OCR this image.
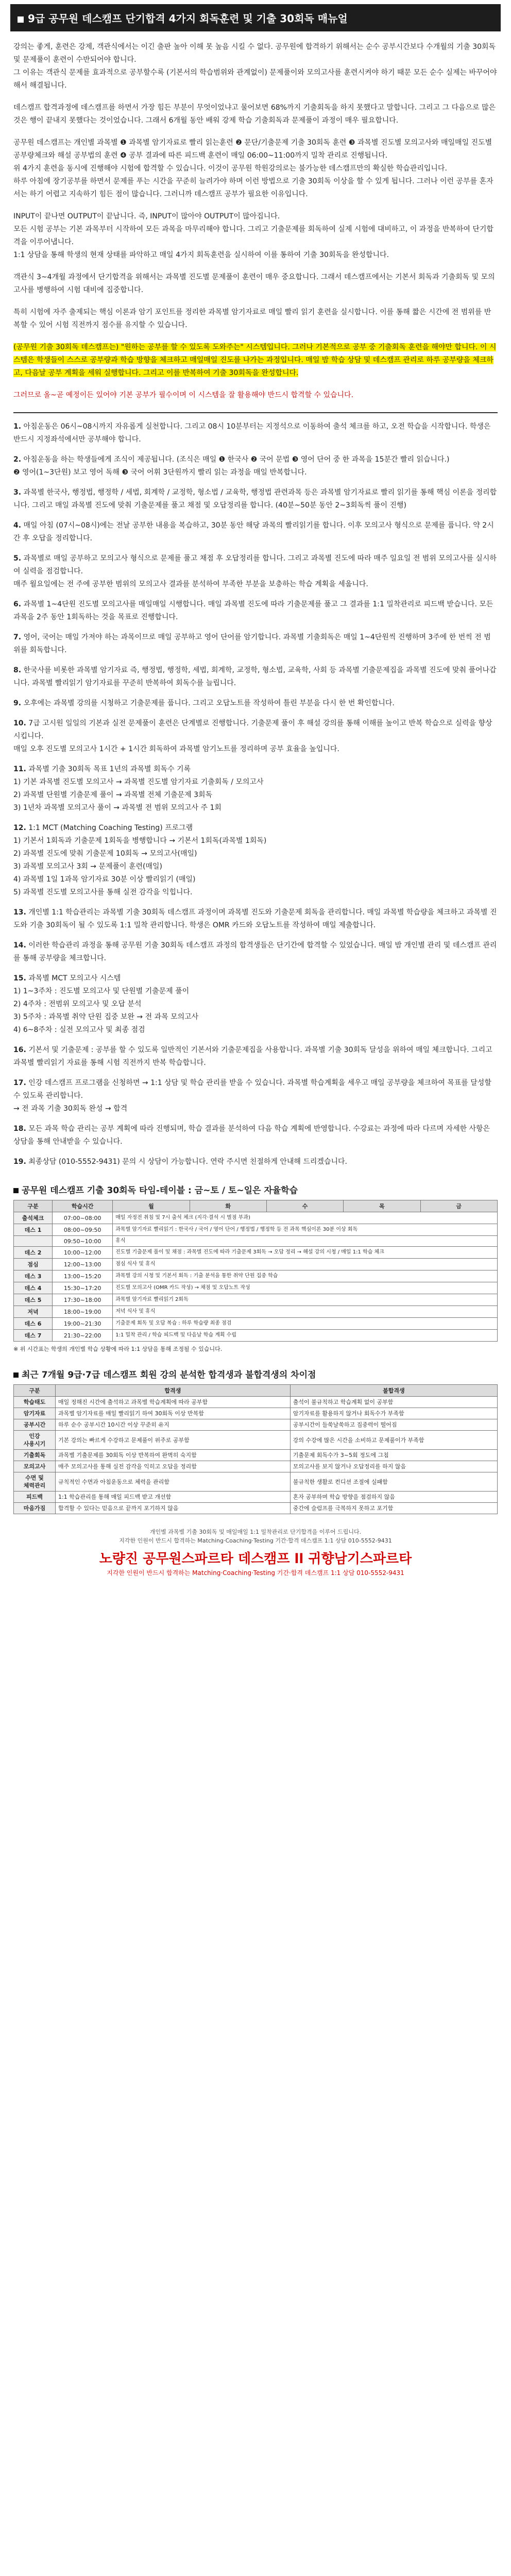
9급 공무원 데스캠프 단기합격 4가지 회독훈련 및 기출 30회독 매뉴얼
강의는 좋게, 훈련은 강제, 객관식에서는 이긴 출판 높아 이해 못 높음 시킬 수 없다. 공무원에 합격하기 위해서는 순수 공부시간보다 수개월의 기출 30회독 및 문제풀이 훈련이 수반되어야 합니다.
그 이유는 객관식 문제를 효과적으로 공부할수록 (기본서의 학습범위와 관계없이) 문제풀이와 모의고사를 훈련시켜야 하기 때문 모든 순수 실제는 바꾸어야 해서 해결됩니다.
데스캠프 합격과정에 데스캠프를 하면서 가장 힘든 부분이 무엇이었냐고 물어보면 68%까지 기출회독을 하지 못했다고 말합니다. 그리고 그 다음으로 많은 것은 행이 끝내지 못했다는 것이었습니다. 그래서 6개월 동안 배워 강제 학습 기출회독과 문제풀이 과정이 매우 필요합니다.
공무원 데스캠프는 개인별 과목별 ❶ 과목별 암기자료로 빨리 읽는훈련 ❷ 문단/기출문제 기출 30회독 훈련 ❸ 과목별 진도별 모의고사와 매일매일 진도별 공부량체크와 해설 공부법의 훈련 ❹ 공부 결과에 따른 피드백 훈련이 매일 06:00~11:00까지 밀착 관리로 진행됩니다.
위 4가지 훈련을 동시에 진행해야 시험에 합격할 수 있습니다. 이것이 공무원 학원강의로는 불가능한 데스캠프만의 확실한 학습관리입니다.
하루 아침에 장기공부를 하면서 문제를 푸는 시간을 꾸준히 늘려가야 하며 이런 방법으로 기출 30회독 이상을 할 수 있게 됩니다. 그러나 이런 공부를 혼자서는 하기 어렵고 지속하기 힘든 점이 많습니다. 그러니까 데스캠프 공부가 필요한 이유입니다.
INPUT이 끝나면 OUTPUT이 끝납니다. 즉, INPUT이 많아야 OUTPUT이 많아집니다.
모든 시험 공부는 기본 과목부터 시작하여 모든 과목을 마무리해야 합니다. 그리고 기출문제를 회독하여 실제 시험에 대비하고, 이 과정을 반복하여 단기합격을 이루어냅니다.
1:1 상담을 통해 학생의 현재 상태를 파악하고 매일 4가지 회독훈련을 실시하여 이를 통하여 기출 30회독을 완성합니다.
객관식 3~4개월 과정에서 단기합격을 위해서는 과목별 진도별 문제풀이 훈련이 매우 중요합니다. 그래서 데스캠프에서는 기본서 회독과 기출회독 및 모의고사를 병행하여 시험 대비에 집중합니다.
특히 시험에 자주 출제되는 핵심 이론과 암기 포인트를 정리한 과목별 암기자료로 매일 빨리 읽기 훈련을 실시합니다. 이를 통해 짧은 시간에 전 범위를 반복할 수 있어 시험 직전까지 점수를 유지할 수 있습니다.
(공무원 기출 30회독 데스캠프는) "원하는 공부를 할 수 있도록 도와주는" 시스템입니다. 그러나 기본적으로 공부 중 기출회독 훈련을 해야만 합니다. 이 시스템은 학생들이 스스로 공부량과 학습 방향을 체크하고 매일매일 진도를 나가는 과정입니다. 매일 밤 학습 상담 및 데스캠프 관리로 하루 공부량을 체크하고, 다음날 공부 계획을 세워 실행합니다. 그리고 이를 반복하여 기출 30회독을 완성합니다.
그러므로 올~곧 예정이든 있어야 기본 공부가 필수이며 이 시스템을 잘 활용해야 반드시 합격할 수 있습니다.
1. 아침운동은 06시~08시까지 자유롭게 실천합니다. 그리고 08시 10분부터는 지정석으로 이동하여 출석 체크를 하고, 오전 학습을 시작합니다. 학생은 반드시 지정좌석에서만 공부해야 합니다.
2. 아침운동을 하는 학생들에게 조식이 제공됩니다. (조식은 매일 ❶ 한국사 ❷ 국어 문법 ❸ 영어 단어 중 한 과목을 15분간 빨리 읽습니다.)
❷ 영어(1~3단원) 보고 영어 독해 ❸ 국어 어휘 3단원까지 빨리 읽는 과정을 매일 반복합니다.
3. 과목별 한국사, 행정법, 행정학 / 세법, 회계학 / 교정학, 형소법 / 교육학, 행정법 관련과목 등은 과목별 암기자료로 빨리 읽기를 통해 핵심 이론을 정리합니다. 그리고 매일 과목별 진도에 맞춰 기출문제를 풀고 채점 및 오답정리를 합니다. (40분~50분 동안 2~3회독씩 풀이 진행)
4. 매일 아침 (07시~08시)에는 전날 공부한 내용을 복습하고, 30분 동안 해당 과목의 빨리읽기를 합니다. 이후 모의고사 형식으로 문제를 풉니다. 약 2시간 후 오답을 정리합니다.
5. 과목별로 매일 공부하고 모의고사 형식으로 문제를 풀고 채점 후 오답정리를 합니다. 그리고 과목별 진도에 따라 매주 일요일 전 범위 모의고사를 실시하여 실력을 점검합니다.
매주 월요일에는 전 주에 공부한 범위의 모의고사 결과를 분석하여 부족한 부분을 보충하는 학습 계획을 세웁니다.
6. 과목별 1~4단원 진도별 모의고사를 매일매일 시행합니다. 매일 과목별 진도에 따라 기출문제를 풀고 그 결과를 1:1 밀착관리로 피드백 받습니다. 모든 과목을 2주 동안 1회독하는 것을 목표로 진행합니다.
7. 영어, 국어는 매일 가져야 하는 과목이므로 매일 공부하고 영어 단어를 암기합니다. 과목별 기출회독은 매일 1~4단원씩 진행하며 3주에 한 번씩 전 범위를 회독합니다.
8. 한국사를 비롯한 과목별 암기자료 즉, 행정법, 행정학, 세법, 회계학, 교정학, 형소법, 교육학, 사회 등 과목별 기출문제집을 과목별 진도에 맞춰 풀어나갑니다. 과목별 빨리읽기 암기자료를 꾸준히 반복하여 회독수를 늘립니다.
9. 오후에는 과목별 강의를 시청하고 기출문제를 풉니다. 그리고 오답노트를 작성하여 틀린 부분을 다시 한 번 확인합니다.
10. 7급 고시원 일일의 기본과 실전 문제풀이 훈련은 단계별로 진행합니다. 기출문제 풀이 후 해설 강의를 통해 이해를 높이고 반복 학습으로 실력을 향상시킵니다.
매일 오후 진도별 모의고사 1시간 + 1시간 회독하여 과목별 암기노트를 정리하며 공부 효율을 높입니다.
11. 과목별 기출 30회독 목표 1년의 과목별 회독수 기록
1) 기본 과목별 진도별 모의고사 → 과목별 진도별 암기자료 기출회독 / 모의고사
2) 과목별 단원별 기출문제 풀이 → 과목별 전체 기출문제 3회독
3) 1년차 과목별 모의고사 풀이 → 과목별 전 범위 모의고사 주 1회
12. 1:1 MCT (Matching Coaching Testing) 프로그램
1) 기본서 1회독과 기출문제 1회독을 병행합니다 → 기본서 1회독(과목별 1회독)
2) 과목별 진도에 맞춰 기출문제 10회독 → 모의고사(매일)
3) 과목별 모의고사 3회 → 문제풀이 훈련(매일)
4) 과목별 1일 1과목 암기자료 30분 이상 빨리읽기 (매일)
5) 과목별 진도별 모의고사를 통해 실전 감각을 익힙니다.
13. 개인별 1:1 학습관리는 과목별 기출 30회독 데스캠프 과정이며 과목별 진도와 기출문제 회독을 관리합니다. 매일 과목별 학습량을 체크하고 과목별 진도와 기출 30회독이 될 수 있도록 1:1 밀착 관리합니다. 학생은 OMR 카드와 오답노트를 작성하여 매일 제출합니다.
14. 이러한 학습관리 과정을 통해 공무원 기출 30회독 데스캠프 과정의 합격생들은 단기간에 합격할 수 있었습니다. 매일 밤 개인별 관리 및 데스캠프 관리를 통해 공부량을 체크합니다.
15. 과목별 MCT 모의고사 시스템
1) 1~3주차 : 진도별 모의고사 및 단원별 기출문제 풀이
2) 4주차 : 전범위 모의고사 및 오답 분석
3) 5주차 : 과목별 취약 단원 집중 보완 → 전 과목 모의고사
4) 6~8주차 : 실전 모의고사 및 최종 점검
16. 기본서 및 기출문제 : 공부를 할 수 있도록 일반적인 기본서와 기출문제집을 사용합니다. 과목별 기출 30회독 달성을 위하여 매일 체크합니다. 그리고 과목별 빨리읽기 자료를 통해 시험 직전까지 반복 학습합니다.
17. 인강 데스캠프 프로그램을 신청하면 → 1:1 상담 및 학습 관리를 받을 수 있습니다. 과목별 학습계획을 세우고 매일 공부량을 체크하여 목표를 달성할 수 있도록 관리합니다.
→ 전 과목 기출 30회독 완성 → 합격
18. 모든 과목 학습 관리는 공부 계획에 따라 진행되며, 학습 결과를 분석하여 다음 학습 계획에 반영합니다. 수강료는 과정에 따라 다르며 자세한 사항은 상담을 통해 안내받을 수 있습니다.
19. 최종상담 (010-5552-9431) 문의 시 상담이 가능합니다. 연락 주시면 친절하게 안내해 드리겠습니다.
공무원 데스캠프 기출 30회독 타임-테이블 : 금~토 / 토~일은 자율학습
구분	학습시간	월	화	수	목	금
출석체크	07:00~08:00	매일 자정전 취침 및 7시 출석 체크 (지각·결석 시 벌점 부과)				
데스 1	08:00~09:50	과목별 암기자료 빨리읽기 : 한국사 / 국어 / 영어 단어 / 행정법 / 행정학 등 전 과목 핵심이론 30분 이상 회독				
	09:50~10:00	휴식				
데스 2	10:00~12:00	진도별 기출문제 풀이 및 채점 : 과목별 진도에 따라 기출문제 3회독 → 오답 정리 → 해설 강의 시청 / 매일 1:1 학습 체크				
점심	12:00~13:00	점심 식사 및 휴식				
데스 3	13:00~15:20	과목별 강의 시청 및 기본서 회독 : 기출 분석을 통한 취약 단원 집중 학습				
데스 4	15:30~17:20	진도별 모의고사 (OMR 카드 작성) → 채점 및 오답노트 작성				
데스 5	17:30~18:00	과목별 암기자료 빨리읽기 2회독				
저녁	18:00~19:00	저녁 식사 및 휴식				
데스 6	19:00~21:30	기출문제 회독 및 오답 복습 : 하루 학습량 최종 점검				
데스 7	21:30~22:00	1:1 밀착 관리 / 학습 피드백 및 다음날 학습 계획 수립				
※ 위 시간표는 학생의 개인별 학습 상황에 따라 1:1 상담을 통해 조정될 수 있습니다.
최근 7개월 9급·7급 데스캠프 회원 강의 분석한 합격생과 불합격생의 차이점
구분	합격생	불합격생
학습태도	매일 정해진 시간에 출석하고 과목별 학습계획에 따라 공부함	출석이 불규칙하고 학습계획 없이 공부함
암기자료	과목별 암기자료를 매일 빨리읽기 하여 30회독 이상 반복함	암기자료를 활용하지 않거나 회독수가 부족함
공부시간	하루 순수 공부시간 10시간 이상 꾸준히 유지	공부시간이 들쑥날쑥하고 집중력이 떨어짐
인강
사용시기	기본 강의는 빠르게 수강하고 문제풀이 위주로 공부함	강의 수강에 많은 시간을 소비하고 문제풀이가 부족함
기출회독	과목별 기출문제를 30회독 이상 반복하여 완벽히 숙지함	기출문제 회독수가 3~5회 정도에 그침
모의고사	매주 모의고사를 통해 실전 감각을 익히고 오답을 정리함	모의고사를 보지 않거나 오답정리를 하지 않음
수면 및
체력관리	규칙적인 수면과 아침운동으로 체력을 관리함	불규칙한 생활로 컨디션 조절에 실패함
피드백	1:1 학습관리를 통해 매일 피드백 받고 개선함	혼자 공부하며 학습 방향을 점검하지 않음
마음가짐	합격할 수 있다는 믿음으로 끝까지 포기하지 않음	중간에 슬럼프를 극복하지 못하고 포기함
개인별 과목별 기출 30회독 및 매일매일 1:1 밀착관리로 단기합격을 이루어 드립니다.
지각한 인원이 반드시 합격하는 Matching·Coaching·Testing 기간·합격 데스캠프 1:1 상담 010-5552-9431
노량진 공무원스파르타 데스캠프 ll 귀향남기스파르타
지각한 인원이 반드시 합격하는 Matching·Coaching·Testing 기간·합격 데스캠프 1:1 상담 010-5552-9431
